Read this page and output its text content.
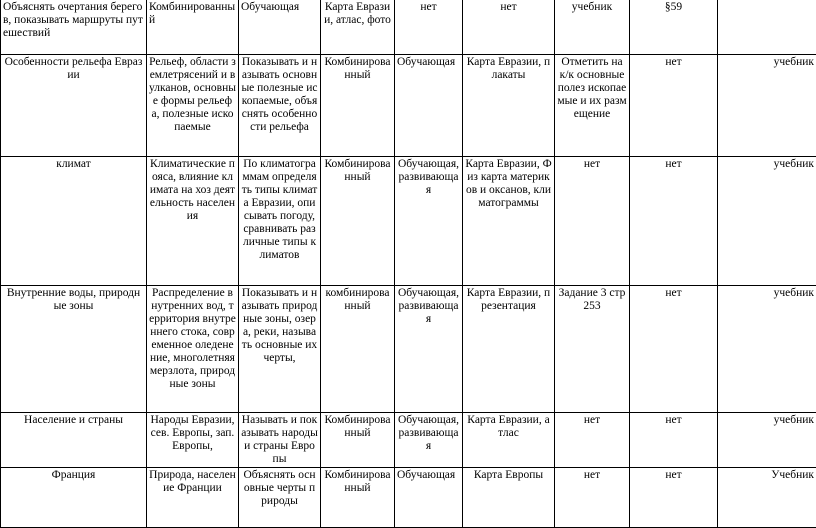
Объяснять очертания берегов, показывать маршруты путешествий	Комбинированный	Обучающая	Карта Евразии, атлас, фото	нет	нет	учебник	§59	
Особенности рельефа Евразии	Рельеф, области землетрясений и вулканов, основные формы рельефа, полезные ископаемые	Показывать и называть основные полезные ископаемые, объяснять особенности рельефа	Комбинированный	Обучающая	Карта Евразии, плакаты	Отметить на к/к основные полез ископаемые и их размещение	нет	учебник
климат	Климатические пояса, влияние климата на хоз деятельность населения	По климатограммам определять типы климата Евразии, описывать погоду, сравнивать различные типы климатов	Комбинированный	Обучающая, развивающая	Карта Евразии, Физ карта материков и оксанов, климатограммы	нет	нет	учебник
Внутренние воды, природные зоны	Распределение внутренних вод, территория внутреннего стока, современное оледенение, многолетняя мерзлота, природные зоны	Показывать и называть природные зоны, озера, реки, называть основные их черты,	комбинированный	Обучающая, развивающая	Карта Евразии, презентация	Задание 3 стр 253	нет	учебник
Население и страны	Народы Евразии, сев. Европы, зап. Европы,	Называть и показывать народы и страны Европы	Комбинированный	Обучающая, развивающая	Карта Евразии, атлас	нет	нет	учебник
Франция	Природа, население Франции	Объяснять основные черты природы	Комбинированный	Обучающая	Карта Европы	нет	нет	Учебник
